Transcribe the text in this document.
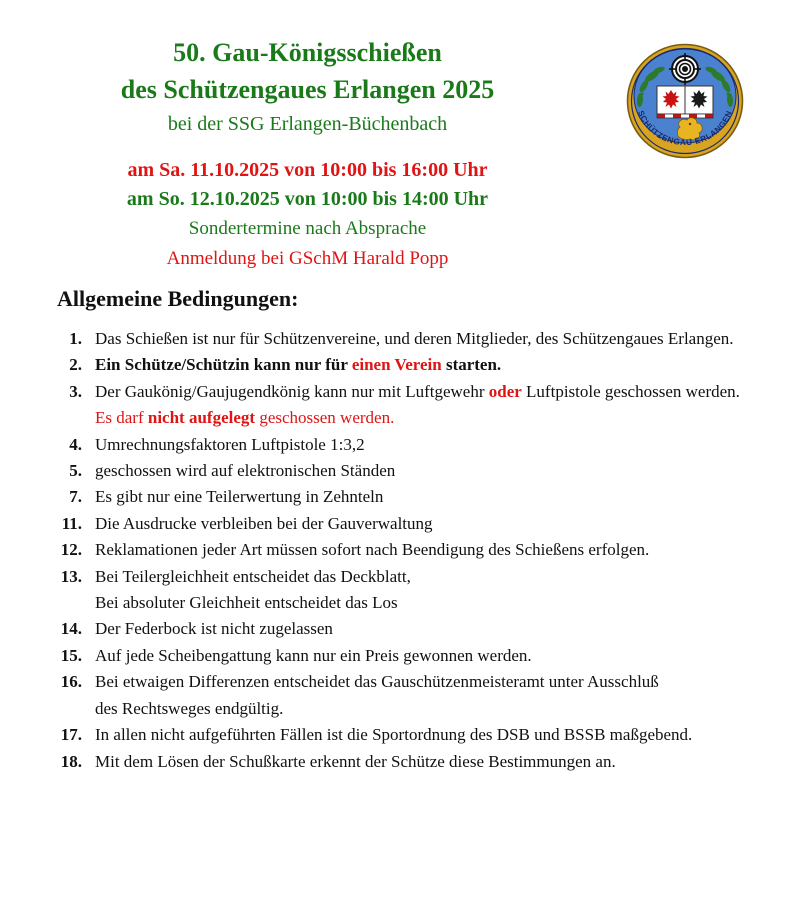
50. Gau-Königsschießen
des Schützengaues Erlangen 2025
bei der SSG Erlangen-Büchenbach
am Sa. 11.10.2025 von 10:00 bis 16:00 Uhr
am So. 12.10.2025 von 10:00 bis 14:00 Uhr
Sondertermine nach Absprache
Anmeldung bei GSchM Harald Popp
SCHÜTZENGAU ERLANGEN
Allgemeine Bedingungen:
1. Das Schießen ist nur für Schützenvereine, und deren Mitglieder, des Schützengaues Erlangen.
2. Ein Schütze/Schützin kann nur für einen Verein starten.
3. Der Gaukönig/Gaujugendkönig kann nur mit Luftgewehr oder Luftpistole geschossen werden.
Es darf nicht aufgelegt geschossen werden.
4. Umrechnungsfaktoren Luftpistole 1:3,2
5. geschossen wird auf elektronischen Ständen
7. Es gibt nur eine Teilerwertung in Zehnteln
11. Die Ausdrucke verbleiben bei der Gauverwaltung
12. Reklamationen jeder Art müssen sofort nach Beendigung des Schießens erfolgen.
13. Bei Teilergleichheit entscheidet das Deckblatt,
Bei absoluter Gleichheit entscheidet das Los
14. Der Federbock ist nicht zugelassen
15. Auf jede Scheibengattung kann nur ein Preis gewonnen werden.
16. Bei etwaigen Differenzen entscheidet das Gauschützenmeisteramt unter Ausschluß
des Rechtsweges endgültig.
17. In allen nicht aufgeführten Fällen ist die Sportordnung des DSB und BSSB maßgebend.
18. Mit dem Lösen der Schußkarte erkennt der Schütze diese Bestimmungen an.
